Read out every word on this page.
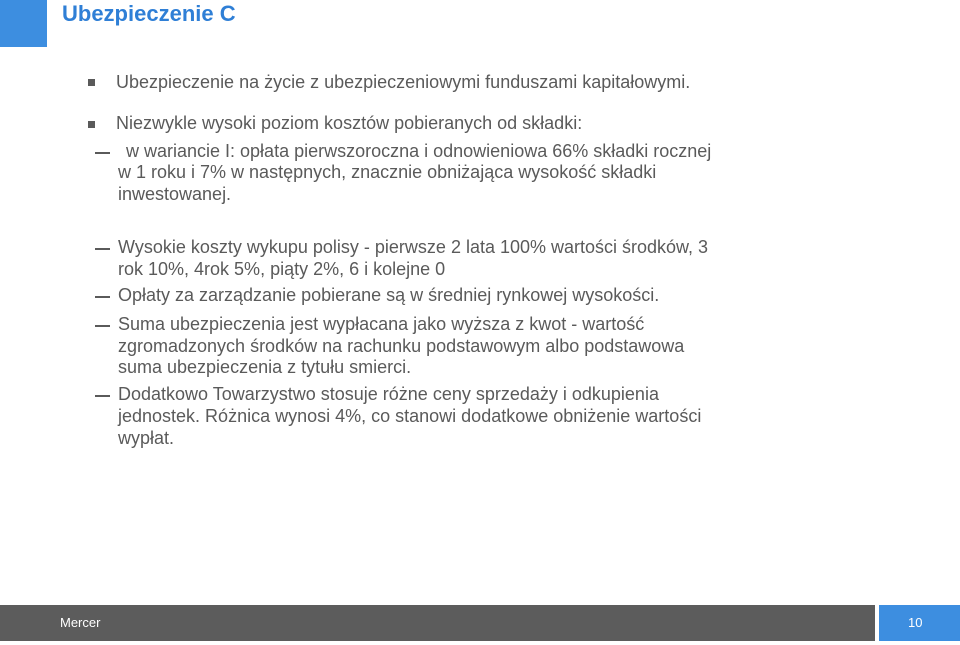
Ubezpieczenie C
Ubezpieczenie na życie z ubezpieczeniowymi funduszami kapitałowymi.
Niezwykle wysoki poziom kosztów pobieranych od składki:
w wariancie I: opłata pierwszoroczna i odnowieniowa 66% składki rocznej
w 1 roku i 7% w następnych, znacznie obniżająca wysokość składki
inwestowanej.
Wysokie koszty wykupu polisy - pierwsze 2 lata 100% wartości środków, 3
rok 10%, 4rok 5%, piąty 2%, 6 i kolejne 0
Opłaty za zarządzanie pobierane są w średniej rynkowej wysokości.
Suma ubezpieczenia jest wypłacana jako wyższa z kwot - wartość
zgromadzonych środków na rachunku podstawowym albo podstawowa
suma ubezpieczenia z tytułu smierci.
Dodatkowo Towarzystwo stosuje różne ceny sprzedaży i odkupienia
jednostek. Różnica wynosi 4%, co stanowi dodatkowe obniżenie wartości
wypłat.
Mercer	10
